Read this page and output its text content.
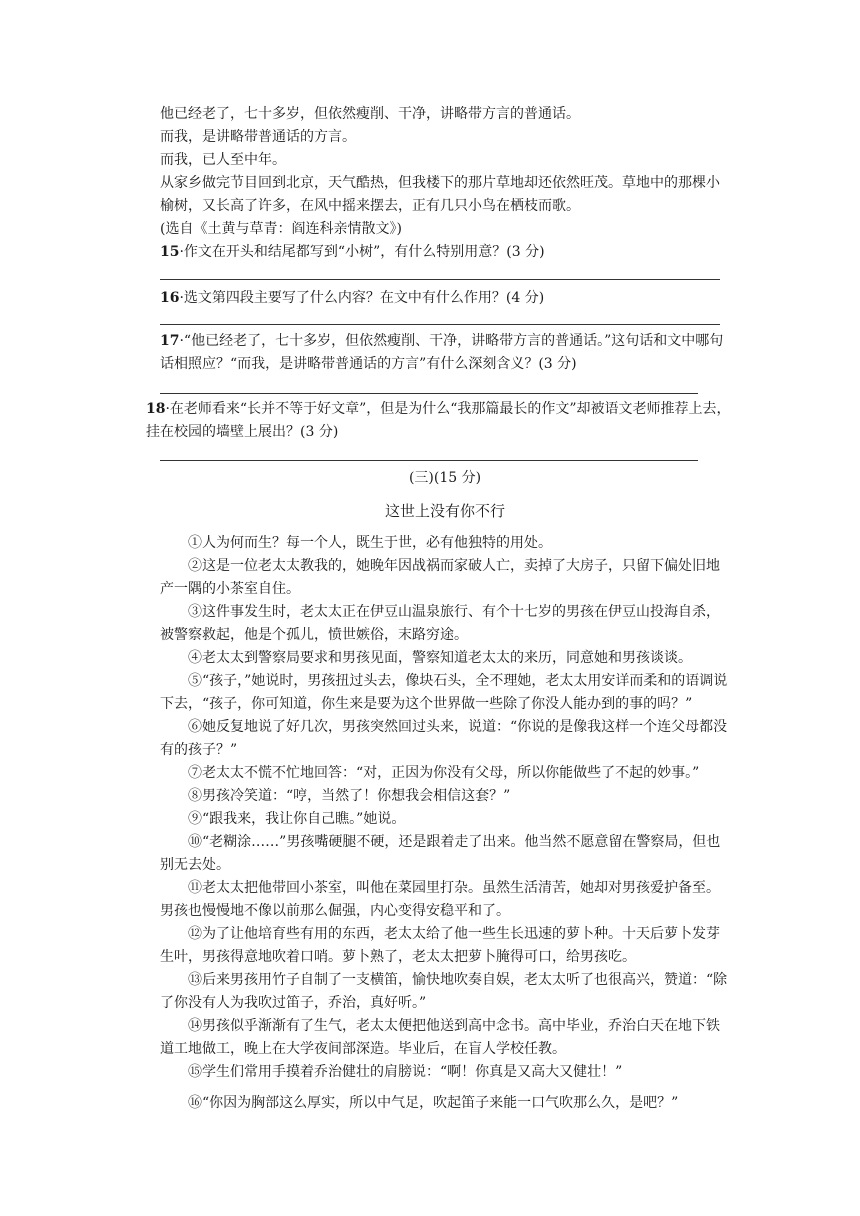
他已经老了，七十多岁，但依然瘦削、干净，讲略带方言的普通话。
而我，是讲略带普通话的方言。
而我，已人至中年。
从家乡做完节目回到北京，天气酷热，但我楼下的那片草地却还依然旺茂。草地中的那棵小榆树，又长高了许多，在风中摇来摆去，正有几只小鸟在栖枝而歌。
(选自《土黄与草青：阎连科亲情散文》)
15·作文在开头和结尾都写到“小树”，有什么特别用意？(3 分)
16·选文第四段主要写了什么内容？在文中有什么作用？(4 分)
17·“他已经老了，七十多岁，但依然瘦削、干净，讲略带方言的普通话。”这句话和文中哪句话相照应？“而我，是讲略带普通话的方言”有什么深刻含义？(3 分)
18·在老师看来“长并不等于好文章”，但是为什么“我那篇最长的作文”却被语文老师推荐上去，挂在校园的墙壁上展出？(3 分)
(三)(15 分)
这世上没有你不行
①人为何而生？每一个人，既生于世，必有他独特的用处。
②这是一位老太太教我的，她晚年因战祸而家破人亡，卖掉了大房子，只留下偏处旧地产一隅的小茶室自住。
③这件事发生时，老太太正在伊豆山温泉旅行、有个十七岁的男孩在伊豆山投海自杀，被警察救起，他是个孤儿，愤世嫉俗，末路穷途。
④老太太到警察局要求和男孩见面，警察知道老太太的来历，同意她和男孩谈谈。
⑤“孩子，”她说时，男孩扭过头去，像块石头，全不理她，老太太用安详而柔和的语调说下去，“孩子，你可知道，你生来是要为这个世界做一些除了你没人能办到的事的吗？”
⑥她反复地说了好几次，男孩突然回过头来，说道：“你说的是像我这样一个连父母都没有的孩子？”
⑦老太太不慌不忙地回答：“对，正因为你没有父母，所以你能做些了不起的妙事。”
⑧男孩冷笑道：“哼，当然了！你想我会相信这套？”
⑨“跟我来，我让你自己瞧。”她说。
⑩“老糊涂……”男孩嘴硬腿不硬，还是跟着走了出来。他当然不愿意留在警察局，但也别无去处。
⑪老太太把他带回小茶室，叫他在菜园里打杂。虽然生活清苦，她却对男孩爱护备至。男孩也慢慢地不像以前那么倔强，内心变得安稳平和了。
⑫为了让他培育些有用的东西，老太太给了他一些生长迅速的萝卜种。十天后萝卜发芽生叶，男孩得意地吹着口哨。萝卜熟了，老太太把萝卜腌得可口，给男孩吃。
⑬后来男孩用竹子自制了一支横笛，愉快地吹奏自娱，老太太听了也很高兴，赞道：“除了你没有人为我吹过笛子，乔治，真好听。”
⑭男孩似乎渐渐有了生气，老太太便把他送到高中念书。高中毕业，乔治白天在地下铁道工地做工，晚上在大学夜间部深造。毕业后，在盲人学校任教。
⑮学生们常用手摸着乔治健壮的肩膀说：“啊！你真是又高大又健壮！”
⑯“你因为胸部这么厚实，所以中气足，吹起笛子来能一口气吹那么久，是吧？”
